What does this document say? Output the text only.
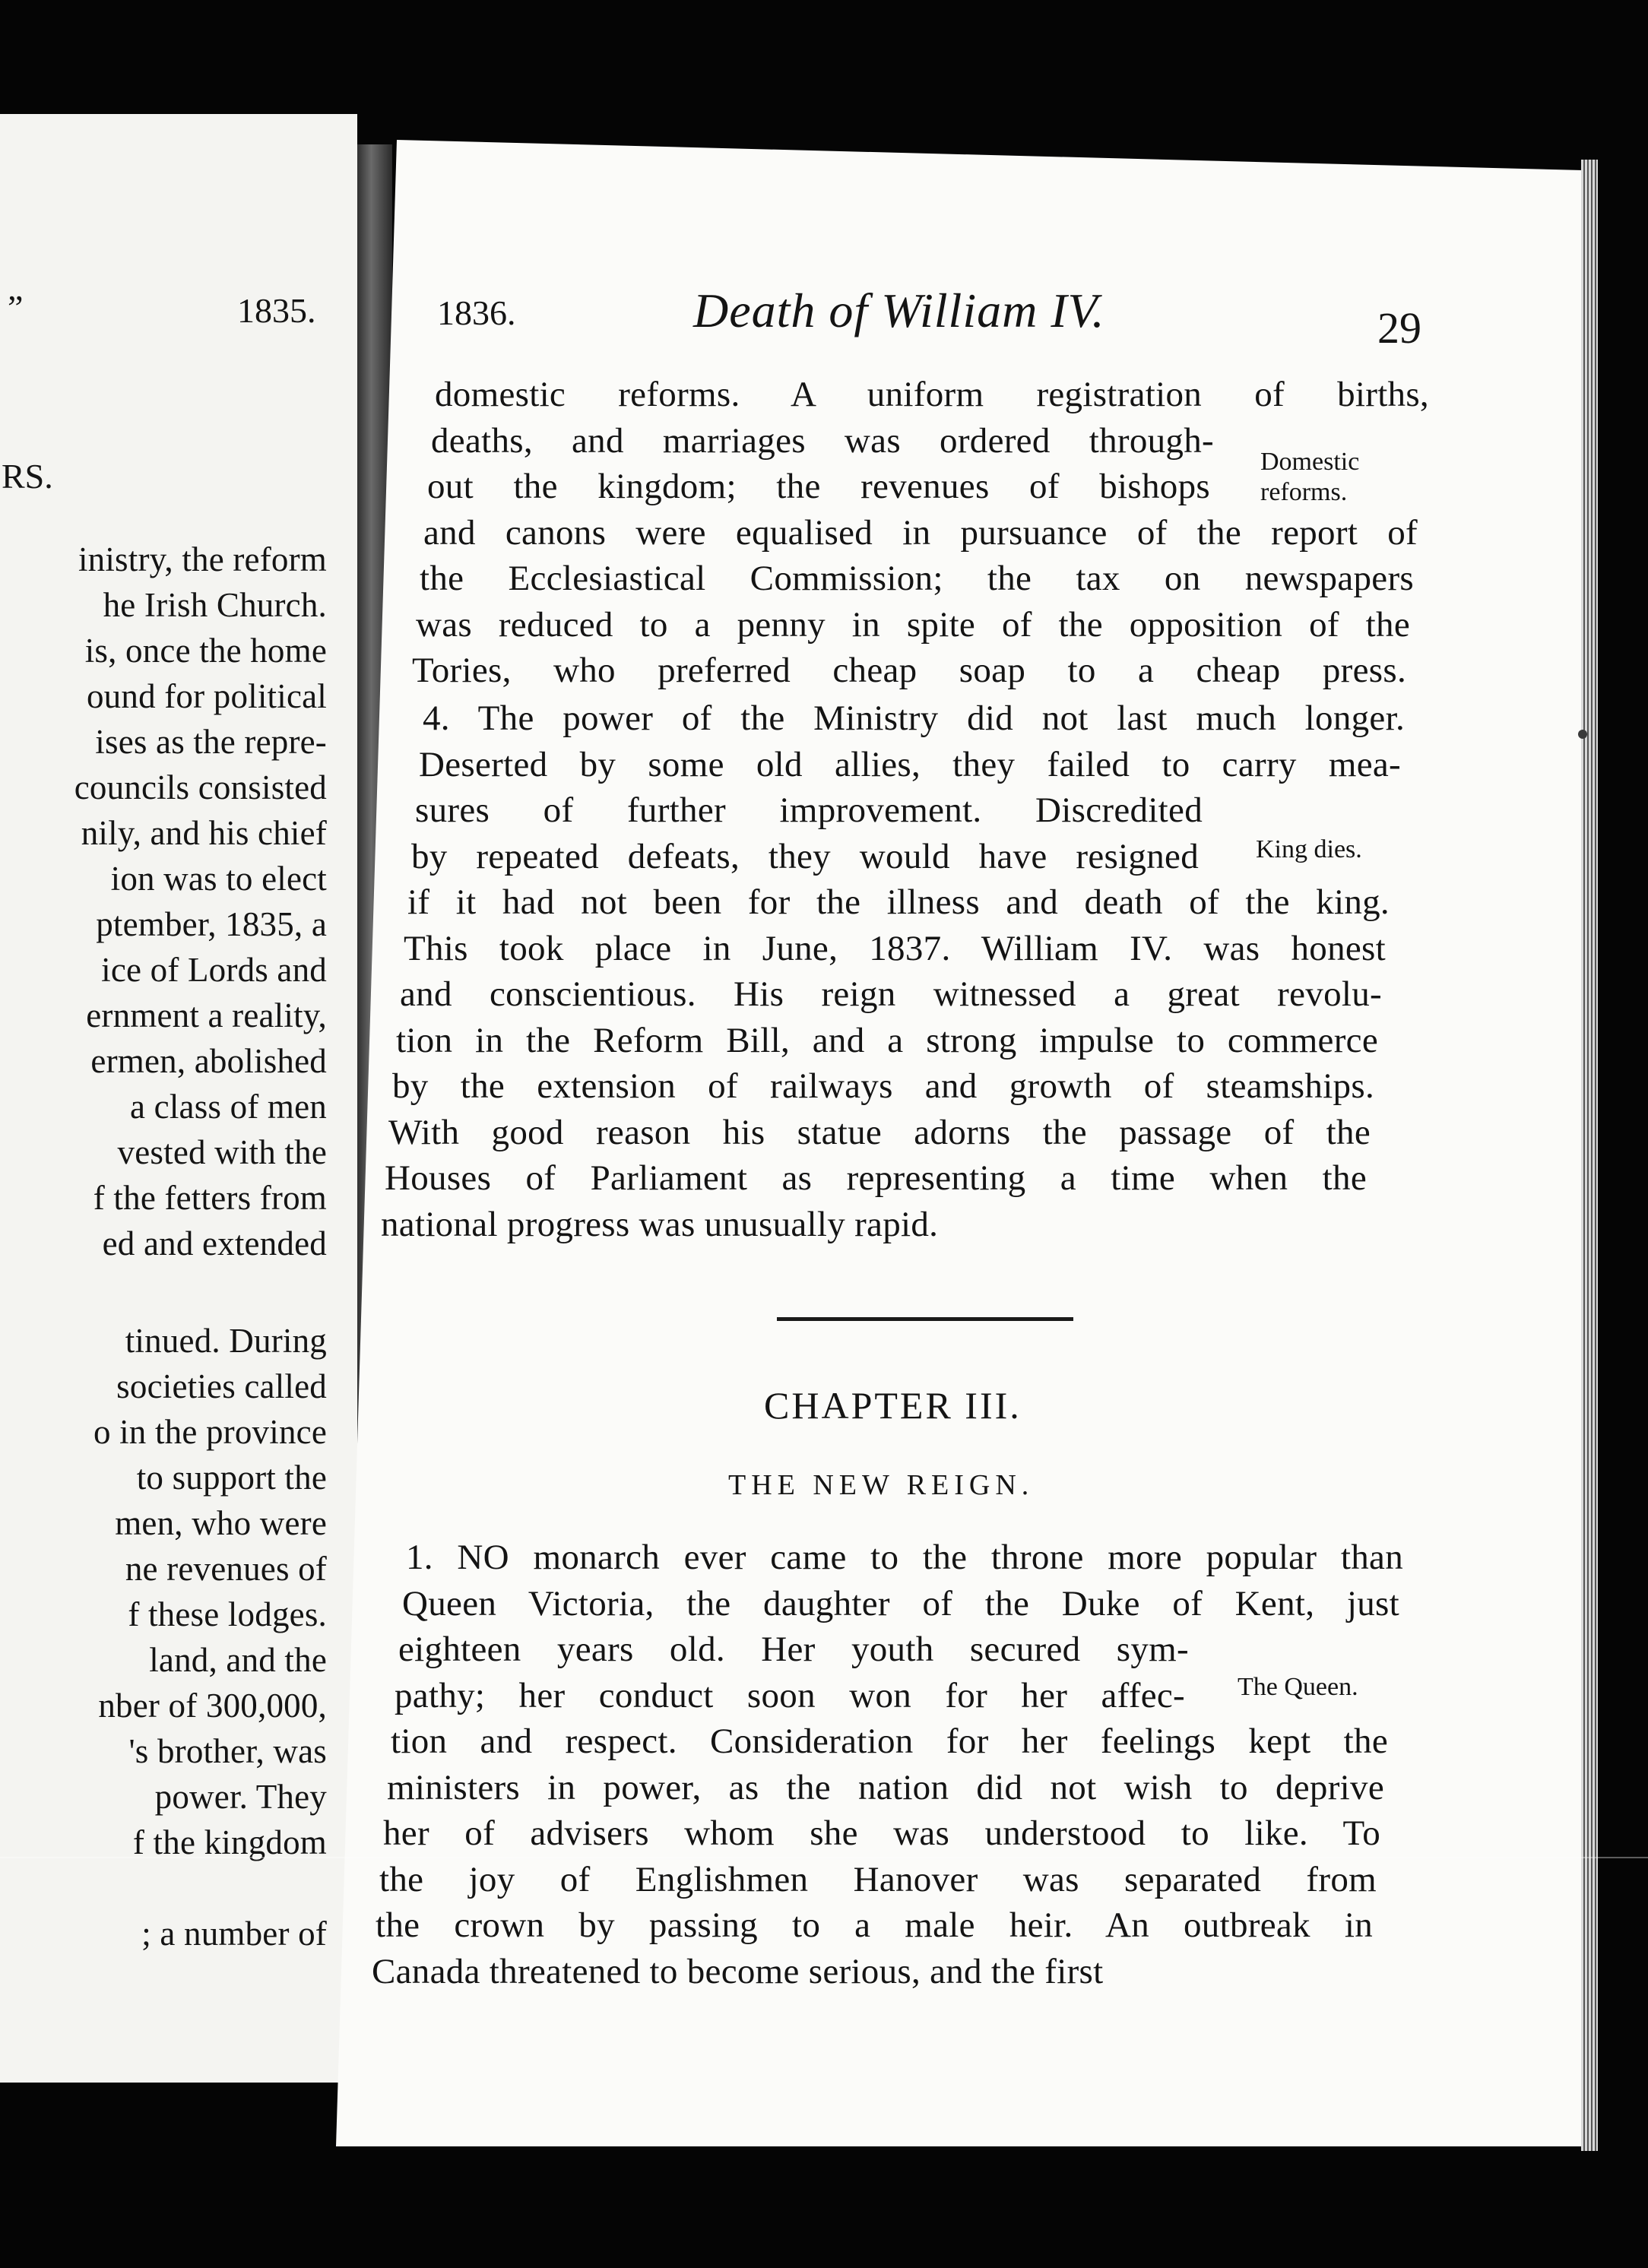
”	1835.
RS.
inistry, the reform
he Irish Church.
is, once the home
ound for political
ises as the repre-
councils consisted
nily, and his chief
ion was to elect
ptember, 1835, a
ice of Lords and
ernment a reality,
ermen, abolished
a class of men
vested with the
f the fetters from
ed and extended
tinued. During
societies called
o in the province
to support the
men, who were
ne revenues of
f these lodges.
land, and the
nber of 300,000,
's brother, was
power. They
f the kingdom
; a number of
1836.	Death of William IV.	29
domestic reforms. A uniform registration of births,
deaths, and marriages was ordered through-
out the kingdom; the revenues of bishops
and canons were equalised in pursuance of the report of
the Ecclesiastical Commission; the tax on newspapers
was reduced to a penny in spite of the opposition of the
Tories, who preferred cheap soap to a cheap press.
4. The power of the Ministry did not last much longer.
Deserted by some old allies, they failed to carry mea-
sures of further improvement. Discredited
by repeated defeats, they would have resigned
if it had not been for the illness and death of the king.
This took place in June, 1837. William IV. was honest
and conscientious. His reign witnessed a great revolu-
tion in the Reform Bill, and a strong impulse to commerce
by the extension of railways and growth of steamships.
With good reason his statue adorns the passage of the
Houses of Parliament as representing a time when the
national progress was unusually rapid.
Domestic
reforms.
King dies.
CHAPTER III.
THE NEW REIGN.
1. NO monarch ever came to the throne more popular than
Queen Victoria, the daughter of the Duke of Kent, just
eighteen years old. Her youth secured sym-
pathy; her conduct soon won for her affec-
tion and respect. Consideration for her feelings kept the
ministers in power, as the nation did not wish to deprive
her of advisers whom she was understood to like. To
the joy of Englishmen Hanover was separated from
the crown by passing to a male heir. An outbreak in
Canada threatened to become serious, and the first
The Queen.
